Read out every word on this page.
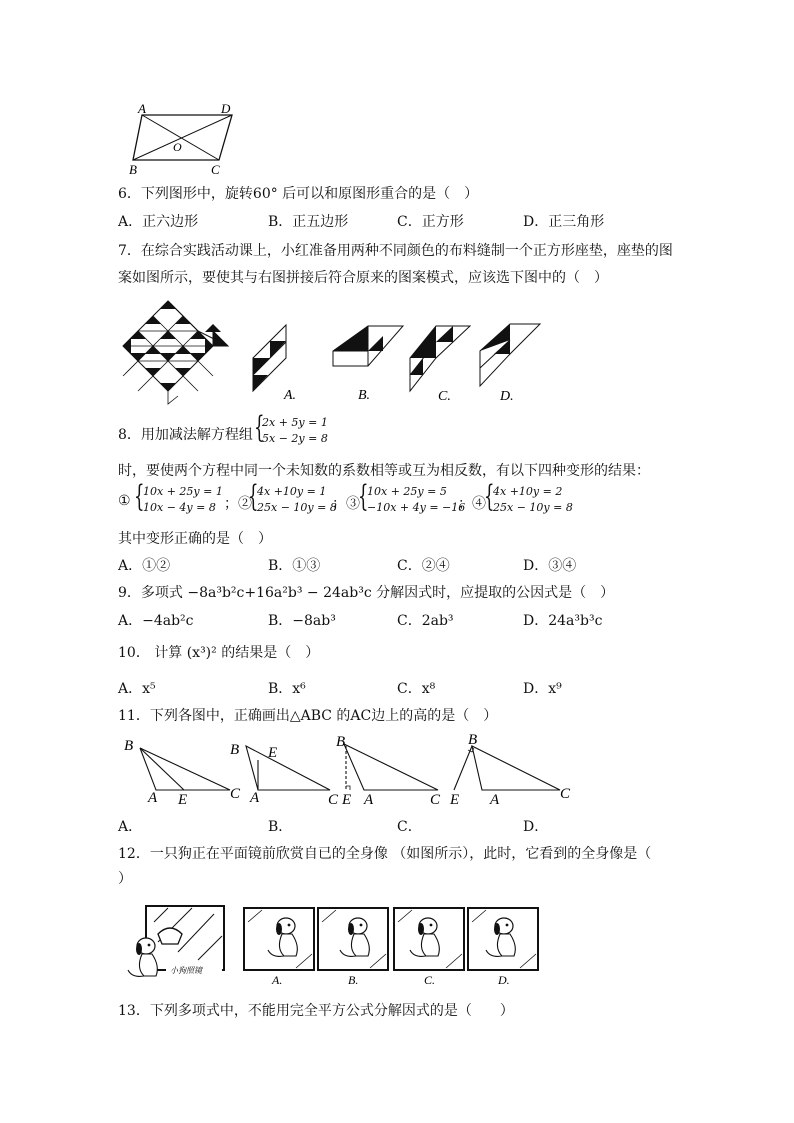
A	D
O
B	C
6．下列图形中，旋转60° 后可以和原图形重合的是（　）
A．正六边形	B．正五边形	C．正方形	D．正三角形
7．在综合实践活动课上，小红准备用两种不同颜色的布料缝制一个正方形座垫，座垫的图
案如图所示，要使其与右图拼接后符合原来的图案模式，应该选下图中的（　）
A.	B.	C.	D.
8．用加减法解方程组 {
2x + 5y = 1
5x − 2y = 8
时，要使两个方程中同一个未知数的系数相等或互为相反数，有以下四种变形的结果：
① {
10x + 25y = 1
10x − 4y = 8 ；②
{
4x +10y = 1
25x − 10y = 8
；③
{
10x + 25y = 5
−10x + 4y = −16
；④
{
4x +10y = 2
25x − 10y = 8
其中变形正确的是（　）
A．①②	B．①③	C．②④	D．③④
9．多项式 −8a³b²c+16a²b³ − 24ab³c 分解因式时，应提取的公因式是（　）
A．−4ab²c	B．−8ab³	C．2ab³	D．24a³b³c
10． 计算 (x³)² 的结果是（　）
A．x⁵	B．x⁶	C．x⁸	D．x⁹
11．下列各图中，正确画出△ABC 的AC边上的高的是（　）
B
A E	C
B E
A	C
B
E A	C
B
E A	C
A．	B．	C．	D．
12．一只狗正在平面镜前欣赏自已的全身像 （如图所示），此时，它看到的全身像是（
）
小狗照镜
A.	B.	C.	D.
13．下列多项式中，不能用完全平方公式分解因式的是（　　）
